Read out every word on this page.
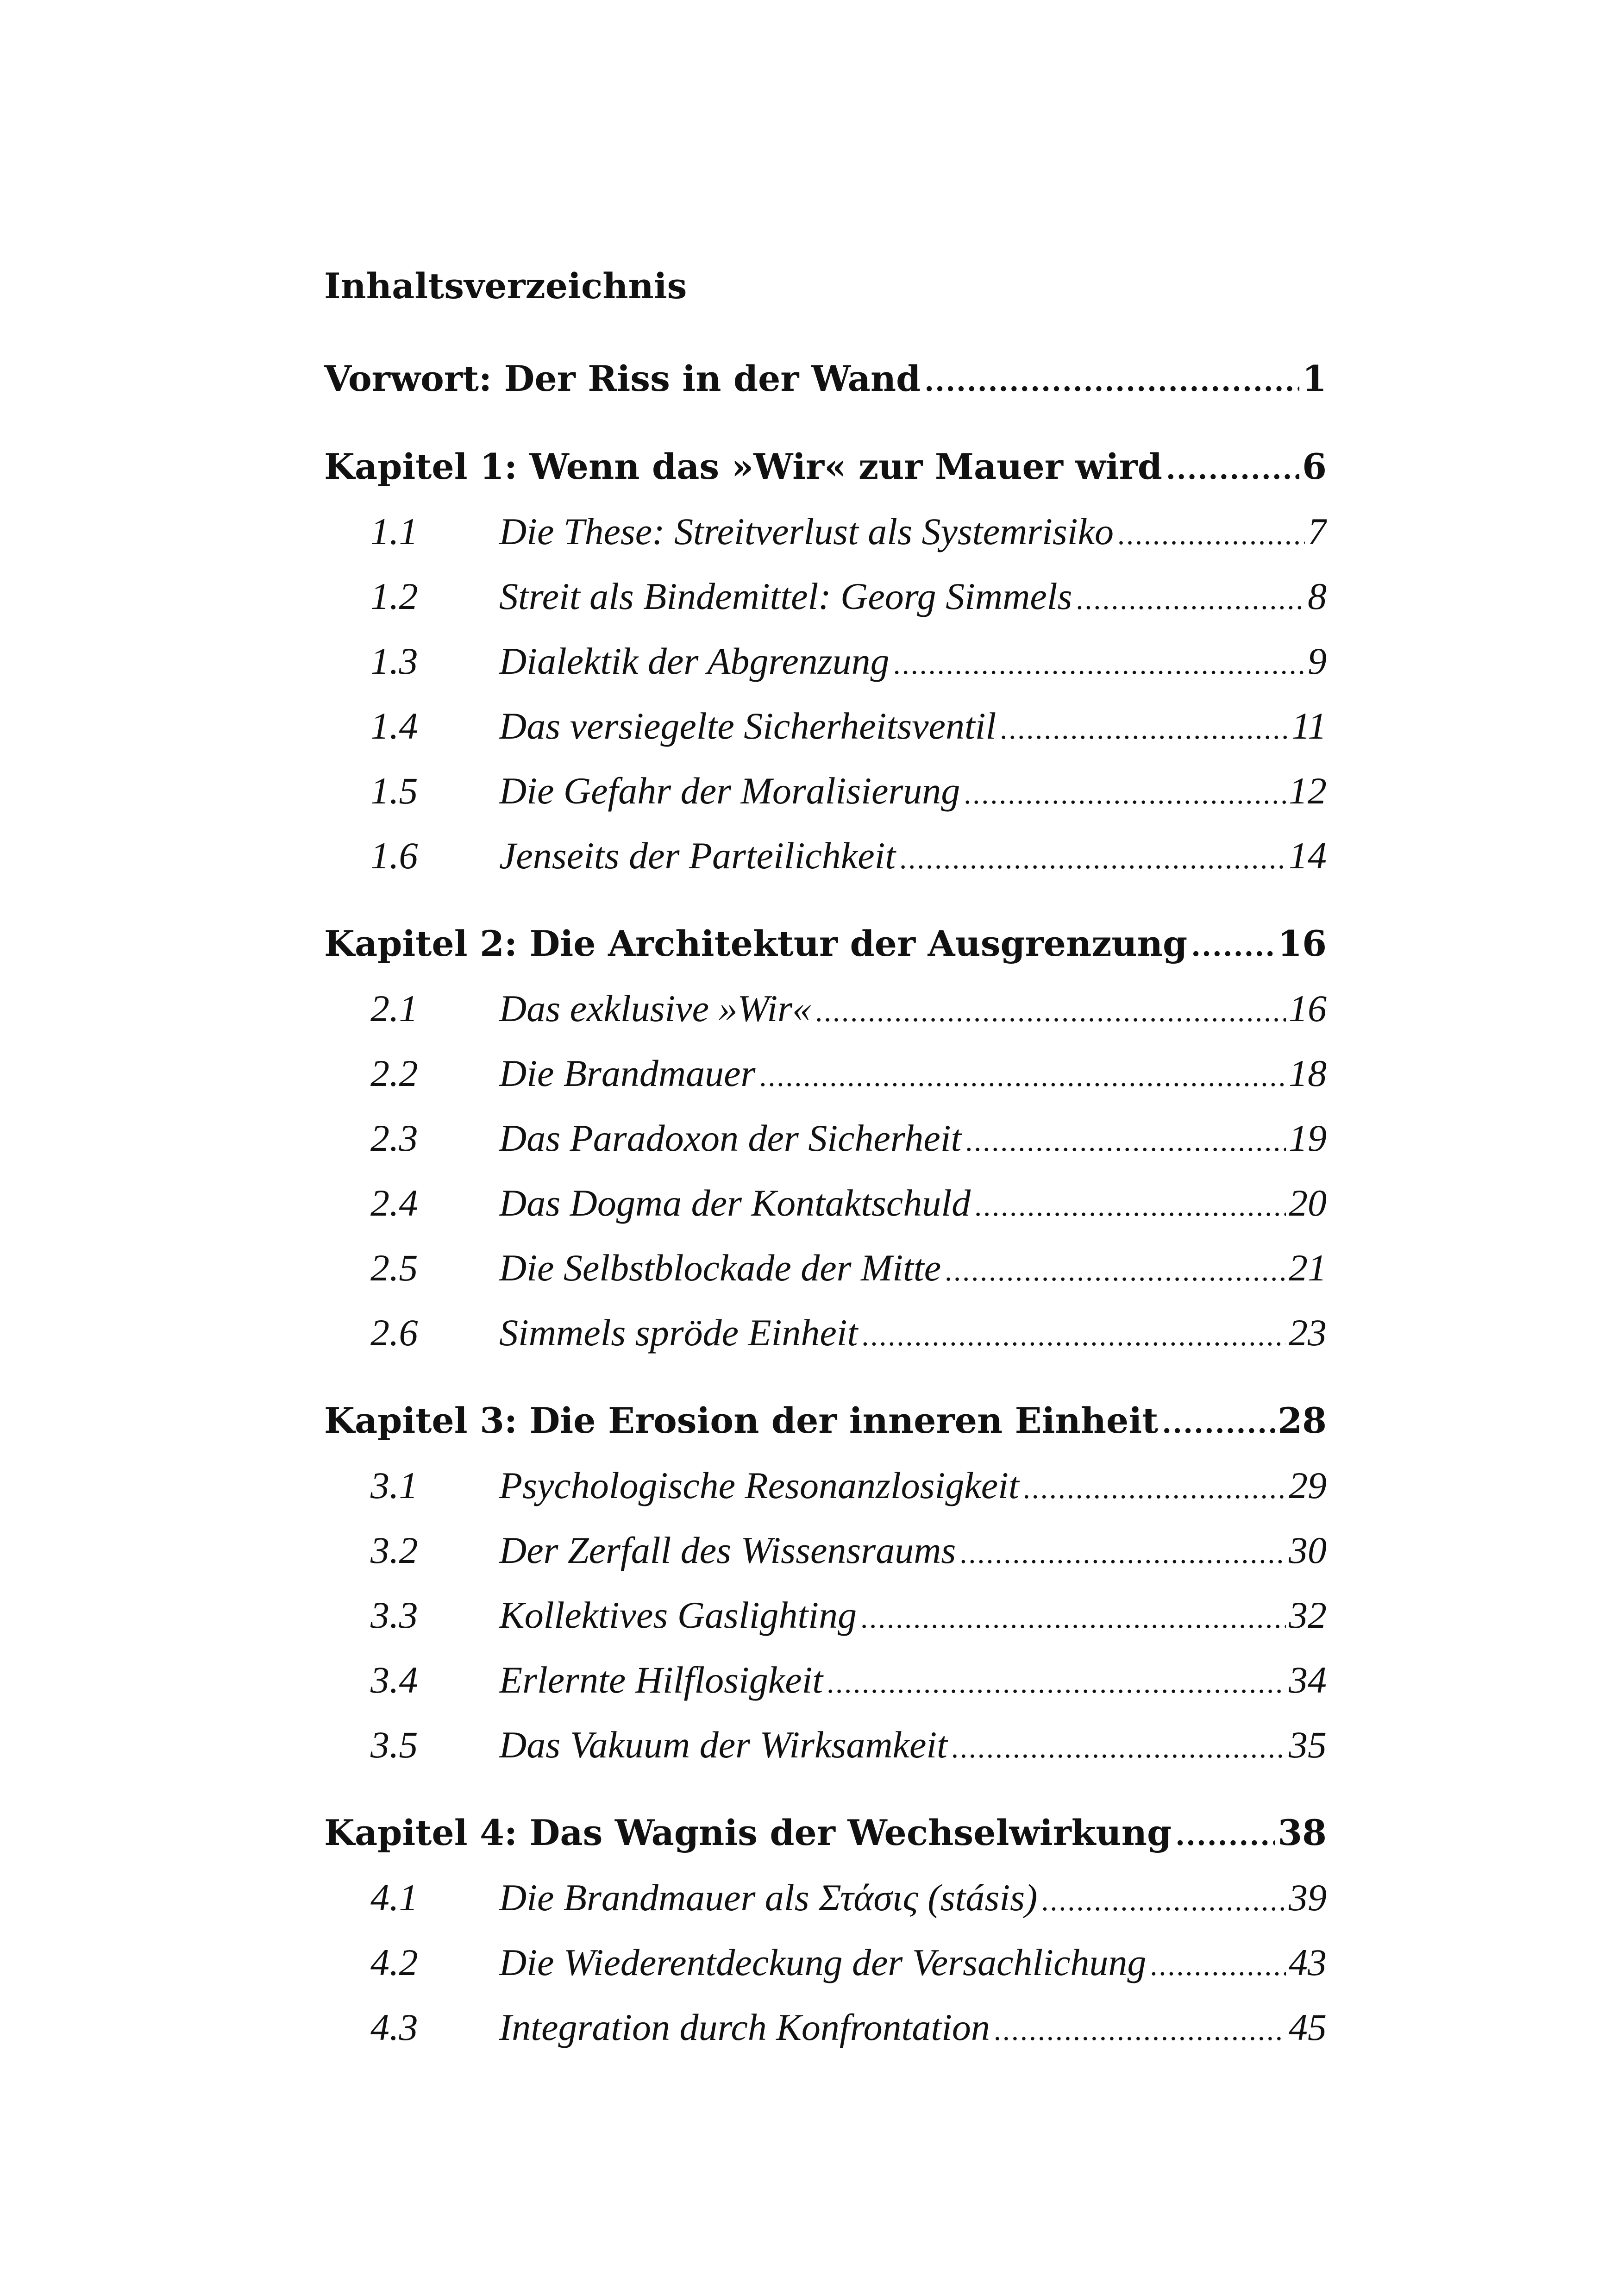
Inhaltsverzeichnis
Vorwort: Der Riss in der Wand .....	1
Kapitel 1: Wenn das »Wir« zur Mauer wird .....	6
1.1	Die These: Streitverlust als Systemrisiko .....	7
1.2	Streit als Bindemittel: Georg Simmels .....	8
1.3	Dialektik der Abgrenzung .....	9
1.4	Das versiegelte Sicherheitsventil .....	11
1.5	Die Gefahr der Moralisierung .....	12
1.6	Jenseits der Parteilichkeit .....	14
Kapitel 2: Die Architektur der Ausgrenzung .....	16
2.1	Das exklusive »Wir« .....	16
2.2	Die Brandmauer .....	18
2.3	Das Paradoxon der Sicherheit .....	19
2.4	Das Dogma der Kontaktschuld .....	20
2.5	Die Selbstblockade der Mitte .....	21
2.6	Simmels spröde Einheit .....	23
Kapitel 3: Die Erosion der inneren Einheit .....	28
3.1	Psychologische Resonanzlosigkeit .....	29
3.2	Der Zerfall des Wissensraums .....	30
3.3	Kollektives Gaslighting .....	32
3.4	Erlernte Hilflosigkeit .....	34
3.5	Das Vakuum der Wirksamkeit .....	35
Kapitel 4: Das Wagnis der Wechselwirkung .....	38
4.1	Die Brandmauer als Στάσις (stásis) .....	39
4.2	Die Wiederentdeckung der Versachlichung .....	43
4.3	Integration durch Konfrontation .....	45
